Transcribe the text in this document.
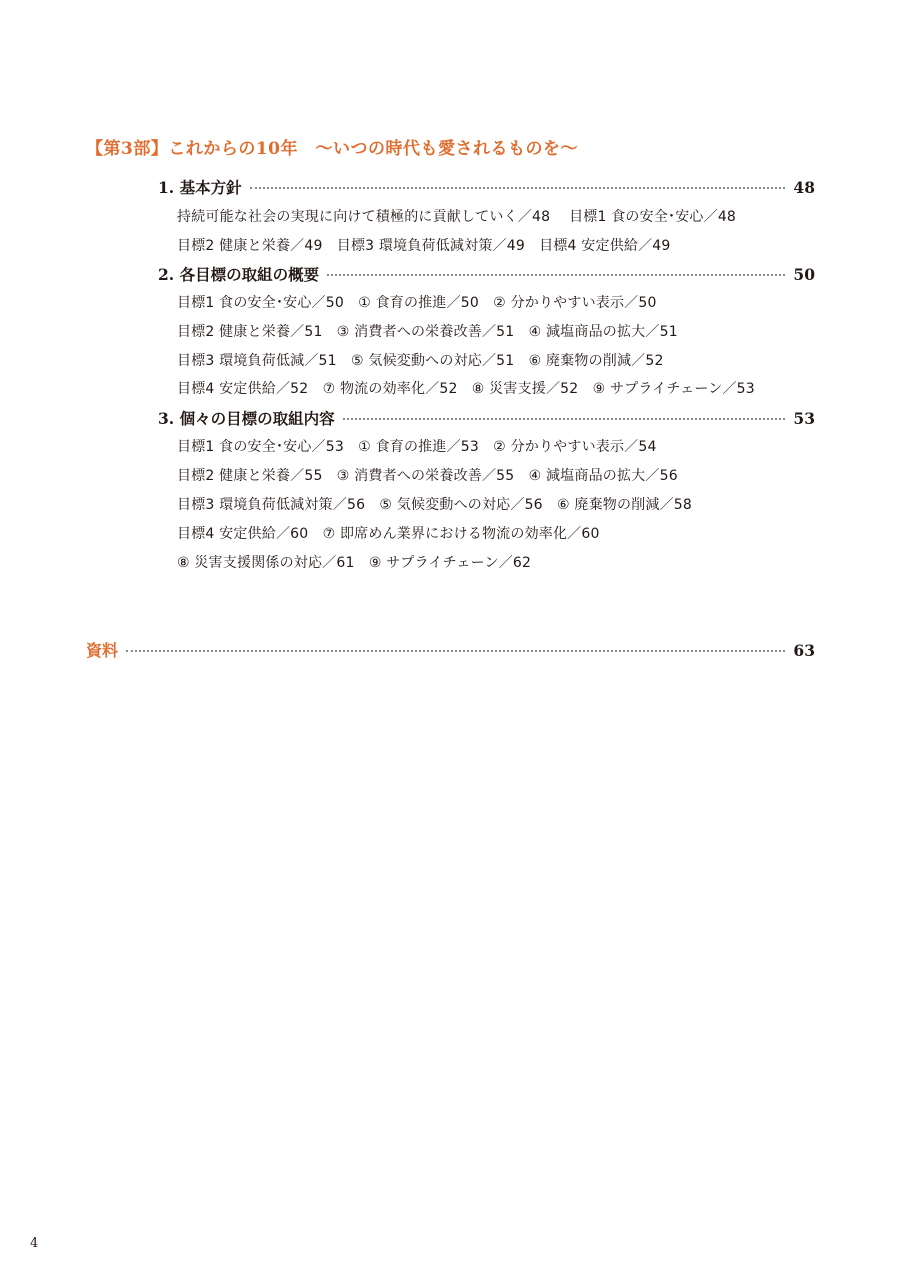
【第3部】これからの10年　～いつの時代も愛されるものを～
1. 基本方針	48
持続可能な社会の実現に向けて積極的に貢献していく／48　 目標1 食の安全･安心／48
目標2 健康と栄養／49　目標3 環境負荷低減対策／49　目標4 安定供給／49
2. 各目標の取組の概要	50
目標1 食の安全･安心／50　① 食育の推進／50　② 分かりやすい表示／50
目標2 健康と栄養／51　③ 消費者への栄養改善／51　④ 減塩商品の拡大／51
目標3 環境負荷低減／51　⑤ 気候変動への対応／51　⑥ 廃棄物の削減／52
目標4 安定供給／52　⑦ 物流の効率化／52　⑧ 災害支援／52　⑨ サプライチェーン／53
3. 個々の目標の取組内容	53
目標1 食の安全･安心／53　① 食育の推進／53　② 分かりやすい表示／54
目標2 健康と栄養／55　③ 消費者への栄養改善／55　④ 減塩商品の拡大／56
目標3 環境負荷低減対策／56　⑤ 気候変動への対応／56　⑥ 廃棄物の削減／58
目標4 安定供給／60　⑦ 即席めん業界における物流の効率化／60
⑧ 災害支援関係の対応／61　⑨ サプライチェーン／62
資料	63
4
